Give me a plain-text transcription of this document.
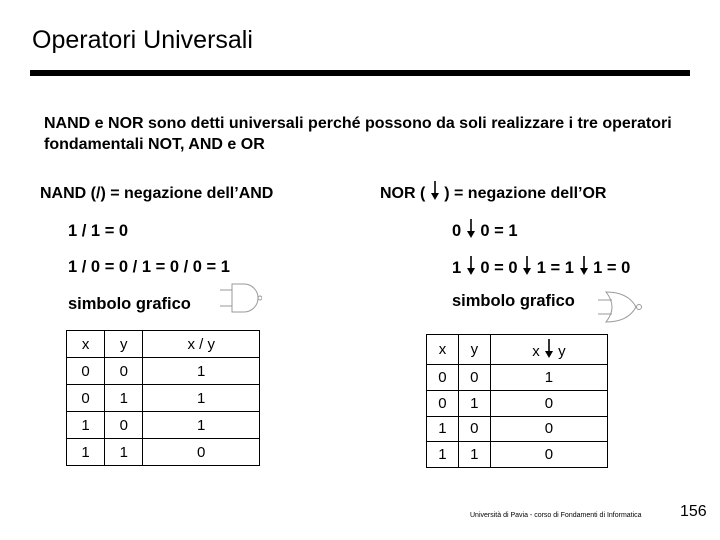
Operatori Universali
NAND e NOR sono detti universali perché possono da soli realizzare i tre operatori fondamentali NOT, AND e OR
NAND (/) = negazione dell’AND
1 / 1 = 0
1 / 0 = 0 / 1 = 0 / 0 = 1
simbolo grafico
x	y	x / y
0	0	1
0	1	1
1	0	1
1	1	0
NOR ( ) = negazione dell’OR
0 0 = 1
1 0 = 0 1 = 1 1 = 0
simbolo grafico
x	y	x y
0	0	1
0	1	0
1	0	0
1	1	0
Università di Pavia - corso di Fondamenti di Informatica 156
